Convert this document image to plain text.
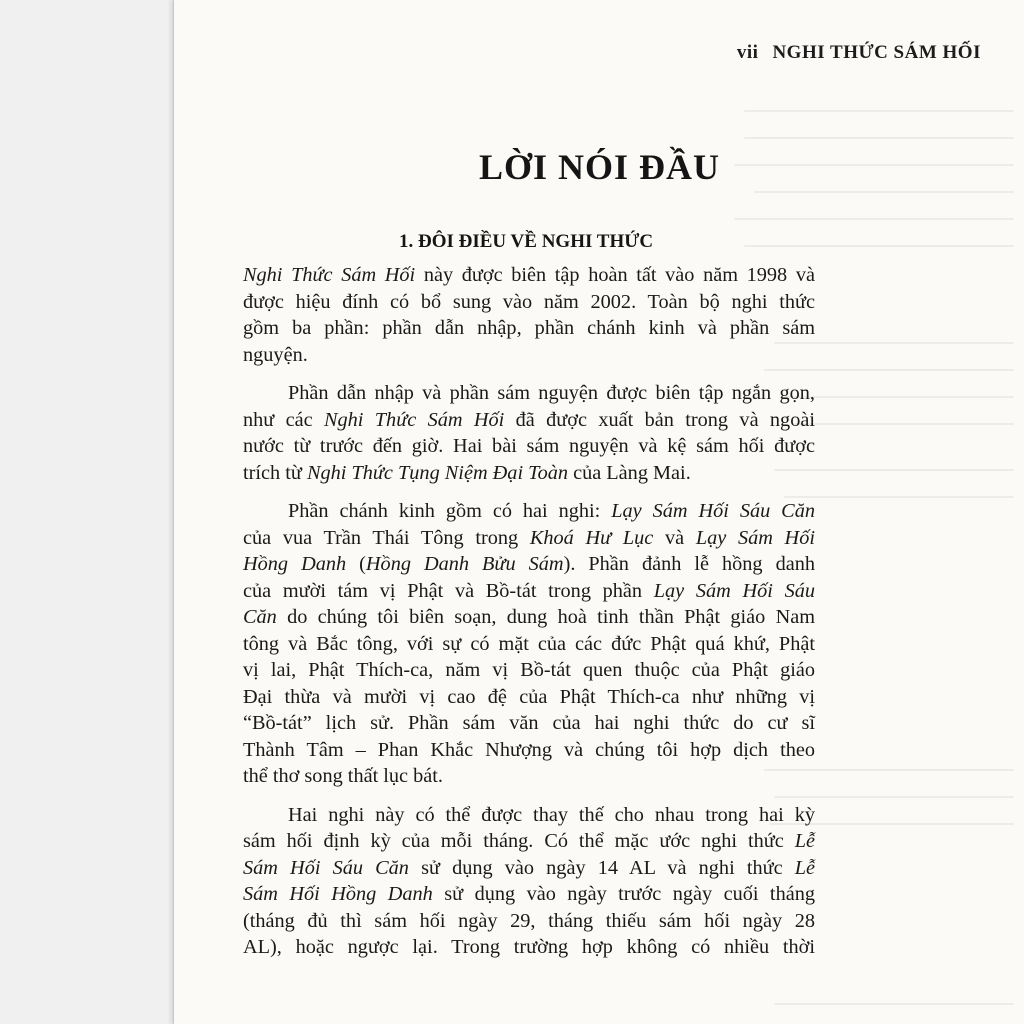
vii NGHI THỨC SÁM HỐI
LỜI NÓI ĐẦU
1. ĐÔI ĐIỀU VỀ NGHI THỨC

Nghi Thức Sám Hối này được biên tập hoàn tất vào năm 1998 và
được hiệu đính có bổ sung vào năm 2002. Toàn bộ nghi thức
gồm ba phần: phần dẫn nhập, phần chánh kinh và phần sám
nguyện.

Phần dẫn nhập và phần sám nguyện được biên tập ngắn gọn,
như các Nghi Thức Sám Hối đã được xuất bản trong và ngoài
nước từ trước đến giờ. Hai bài sám nguyện và kệ sám hối được
trích từ Nghi Thức Tụng Niệm Đại Toàn của Làng Mai.

Phần chánh kinh gồm có hai nghi: Lạy Sám Hối Sáu Căn
của vua Trần Thái Tông trong Khoá Hư Lục và Lạy Sám Hối
Hồng Danh (Hồng Danh Bửu Sám). Phần đảnh lễ hồng danh
của mười tám vị Phật và Bồ-tát trong phần Lạy Sám Hối Sáu
Căn do chúng tôi biên soạn, dung hoà tinh thần Phật giáo Nam
tông và Bắc tông, với sự có mặt của các đức Phật quá khứ, Phật
vị lai, Phật Thích-ca, năm vị Bồ-tát quen thuộc của Phật giáo
Đại thừa và mười vị cao đệ của Phật Thích-ca như những vị
“Bồ-tát” lịch sử. Phần sám văn của hai nghi thức do cư sĩ
Thành Tâm – Phan Khắc Nhượng và chúng tôi hợp dịch theo
thể thơ song thất lục bát.

Hai nghi này có thể được thay thế cho nhau trong hai kỳ
sám hối định kỳ của mỗi tháng. Có thể mặc ước nghi thức Lễ
Sám Hối Sáu Căn sử dụng vào ngày 14 AL và nghi thức Lễ
Sám Hối Hồng Danh sử dụng vào ngày trước ngày cuối tháng
(tháng đủ thì sám hối ngày 29, tháng thiếu sám hối ngày 28
AL), hoặc ngược lại. Trong trường hợp không có nhiều thời
